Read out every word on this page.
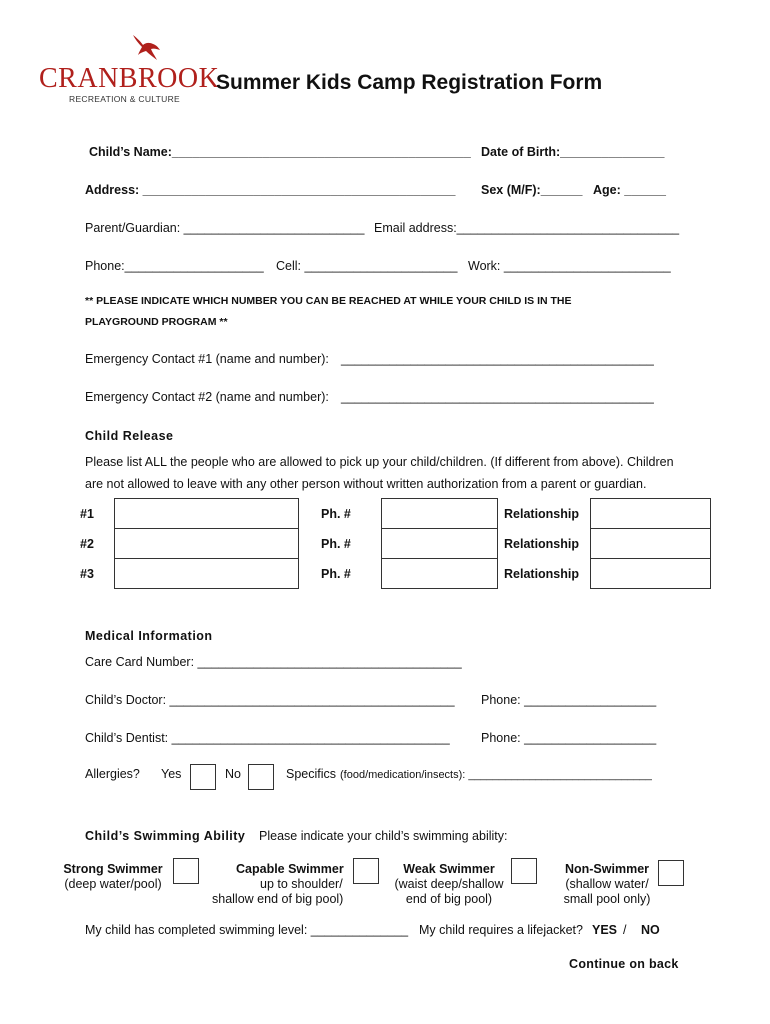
CRANBROOK
RECREATION & CULTURE
Summer Kids Camp Registration Form
Child’s Name:___________________________________________ Date of Birth:_______________
Address: _____________________________________________ Sex (M/F):______ Age: ______
Parent/Guardian: __________________________ Email address:________________________________
Phone:____________________ Cell: ______________________ Work: ________________________
** PLEASE INDICATE WHICH NUMBER YOU CAN BE REACHED AT WHILE YOUR CHILD IS IN THE
PLAYGROUND PROGRAM **
Emergency Contact #1 (name and number): _____________________________________________
Emergency Contact #2 (name and number): _____________________________________________
Child Release
Please list ALL the people who are allowed to pick up your child/children. (If different from above). Children
are not allowed to leave with any other person without written authorization from a parent or guardian.
#1		Ph. #		Relationship	
#2		Ph. #		Relationship	
#3		Ph. #		Relationship	
Medical Information
Care Card Number: ______________________________________
Child’s Doctor: _________________________________________ Phone: ___________________
Child’s Dentist: ________________________________________	Phone: ___________________
Allergies? Yes	No	Specifics (food/medication/insects): ______________________________
Child’s Swimming Ability Please indicate your child’s swimming ability:
Strong Swimmer
(deep water/pool)
Capable Swimmer
up to shoulder/
shallow end of big pool)
Weak Swimmer
(waist deep/shallow
end of big pool)
Non-Swimmer
(shallow water/
small pool only)
My child has completed swimming level: ______________ My child requires a lifejacket? YES / NO
Continue on back
